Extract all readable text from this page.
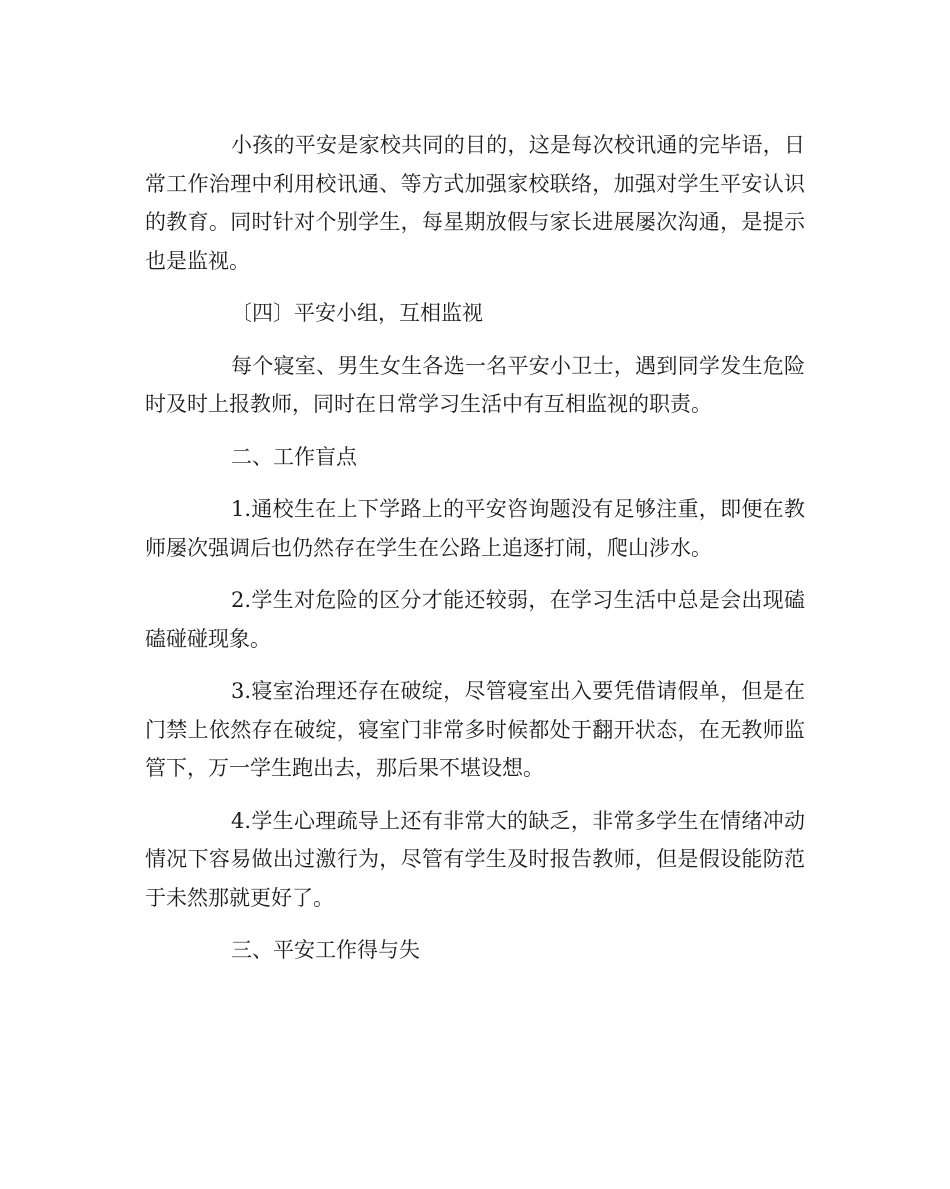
小孩的平安是家校共同的目的，这是每次校讯通的完毕语，日常工作治理中利用校讯通、等方式加强家校联络，加强对学生平安认识的教育。同时针对个别学生，每星期放假与家长进展屡次沟通，是提示也是监视。

〔四〕平安小组，互相监视

每个寝室、男生女生各选一名平安小卫士，遇到同学发生危险时及时上报教师，同时在日常学习生活中有互相监视的职责。

二、工作盲点

1.通校生在上下学路上的平安咨询题没有足够注重，即便在教师屡次强调后也仍然存在学生在公路上追逐打闹，爬山涉水。

2.学生对危险的区分才能还较弱，在学习生活中总是会出现磕磕碰碰现象。

3.寝室治理还存在破绽，尽管寝室出入要凭借请假单，但是在门禁上依然存在破绽，寝室门非常多时候都处于翻开状态，在无教师监管下，万一学生跑出去，那后果不堪设想。

4.学生心理疏导上还有非常大的缺乏，非常多学生在情绪冲动情况下容易做出过激行为，尽管有学生及时报告教师，但是假设能防范于未然那就更好了。

三、平安工作得与失
